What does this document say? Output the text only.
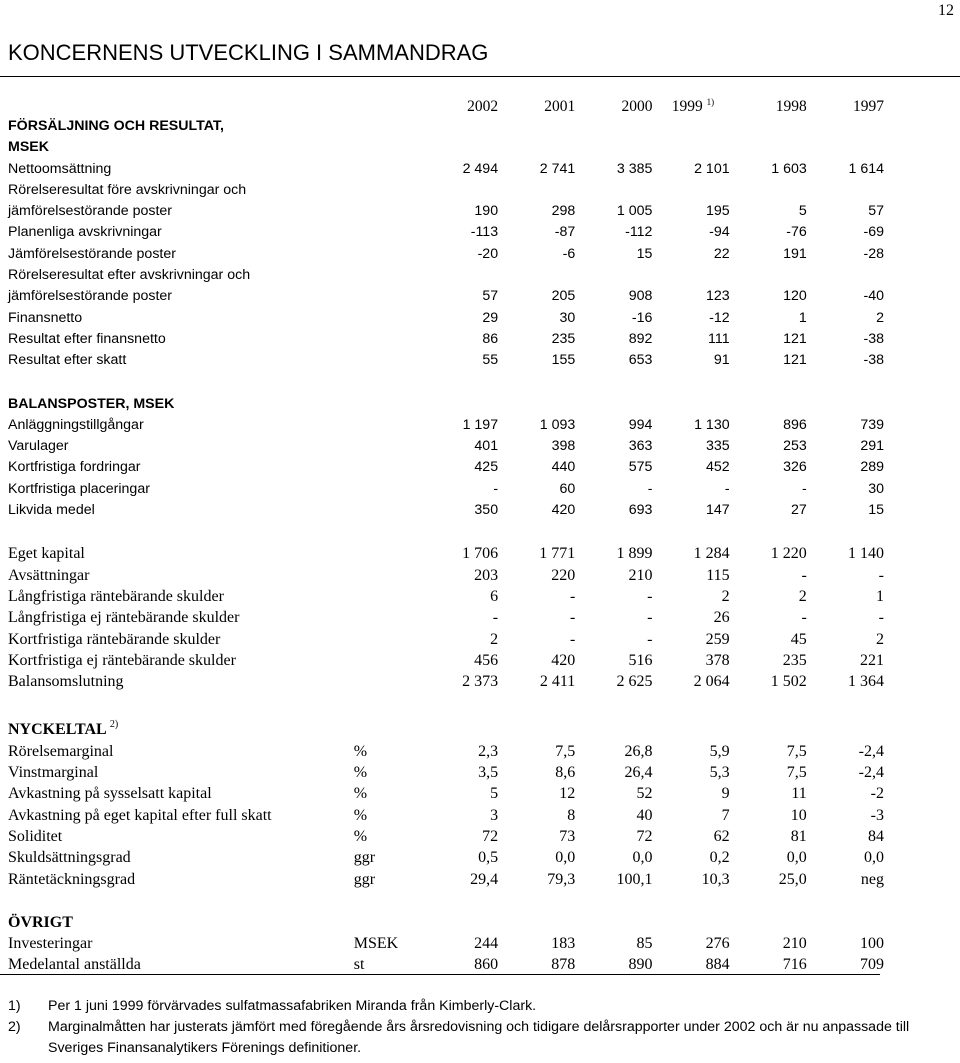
12
KONCERNENS UTVECKLING I SAMMANDRAG
		2002	2001	2000	1999 $^{1)}$	1998	1997
FÖRSÄLJNING OCH RESULTAT,							
MSEK							
Nettoomsättning		2 494	2 741	3 385	2 101	1 603	1 614
Rörelseresultat före avskrivningar och							
jämförelsestörande poster		190	298	1 005	195	5	57
Planenliga avskrivningar		-113	-87	-112	-94	-76	-69
Jämförelsestörande poster		-20	-6	15	22	191	-28
Rörelseresultat efter avskrivningar och							
jämförelsestörande poster		57	205	908	123	120	-40
Finansnetto		29	30	-16	-12	1	2
Resultat efter finansnetto		86	235	892	111	121	-38
Resultat efter skatt		55	155	653	91	121	-38

BALANSPOSTER, MSEK							
Anläggningstillgångar		1 197	1 093	994	1 130	896	739
Varulager		401	398	363	335	253	291
Kortfristiga fordringar		425	440	575	452	326	289
Kortfristiga placeringar		-	60	-	-	-	30
Likvida medel		350	420	693	147	27	15

Eget kapital		1 706	1 771	1 899	1 284	1 220	1 140
Avsättningar		203	220	210	115	-	-
Långfristiga räntebärande skulder		6	-	-	2	2	1
Långfristiga ej räntebärande skulder		-	-	-	26	-	-
Kortfristiga räntebärande skulder		2	-	-	259	45	2
Kortfristiga ej räntebärande skulder		456	420	516	378	235	221
Balansomslutning		2 373	2 411	2 625	2 064	1 502	1 364

NYCKELTAL $^{2)}$							
Rörelsemarginal	%	2,3	7,5	26,8	5,9	7,5	-2,4
Vinstmarginal	%	3,5	8,6	26,4	5,3	7,5	-2,4
Avkastning på sysselsatt kapital	%	5	12	52	9	11	-2
Avkastning på eget kapital efter full skatt	%	3	8	40	7	10	-3
Soliditet	%	72	73	72	62	81	84
Skuldsättningsgrad	ggr	0,5	0,0	0,0	0,2	0,0	0,0
Räntetäckningsgrad	ggr	29,4	79,3	100,1	10,3	25,0	neg

ÖVRIGT							
Investeringar	MSEK	244	183	85	276	210	100
Medelantal anställda	st	860	878	890	884	716	709
1)	Per 1 juni 1999 förvärvades sulfatmassafabriken Miranda från Kimberly-Clark.
2)	Marginalmåtten har justerats jämfört med föregående års årsredovisning och tidigare delårsrapporter under 2002 och är nu anpassade till Sveriges Finansanalytikers Förenings definitioner.
